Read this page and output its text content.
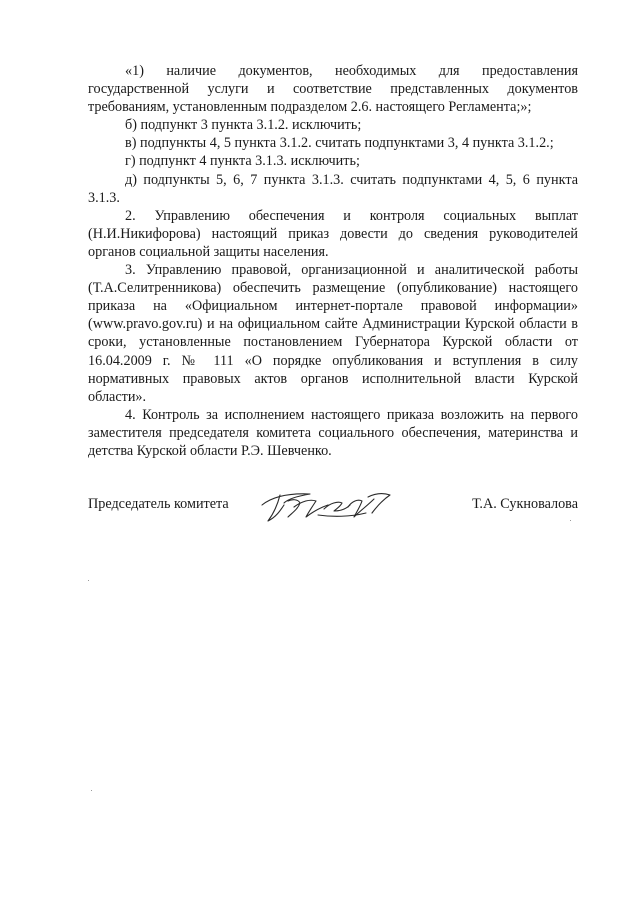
«1) наличие документов, необходимых для предоставления государственной услуги и соответствие представленных документов требованиям, установленным подразделом 2.6. настоящего Регламента;»;

б) подпункт 3 пункта 3.1.2. исключить;

в) подпункты 4, 5 пункта 3.1.2. считать подпунктами 3, 4 пункта 3.1.2.;

г) подпункт 4 пункта 3.1.3. исключить;

д) подпункты 5, 6, 7 пункта 3.1.3. считать подпунктами 4, 5, 6 пункта 3.1.3.

2. Управлению обеспечения и контроля социальных выплат (Н.И.Никифорова) настоящий приказ довести до сведения руководителей органов социальной защиты населения.

3. Управлению правовой, организационной и аналитической работы (Т.А.Селитренникова) обеспечить размещение (опубликование) настоящего приказа на «Официальном интернет-портале правовой информации» (www.pravo.gov.ru) и на официальном сайте Администрации Курской области в сроки, установленные постановлением Губернатора Курской области от 16.04.2009 г. № 111 «О порядке опубликования и вступления в силу нормативных правовых актов органов исполнительной власти Курской области».

4. Контроль за исполнением настоящего приказа возложить на первого заместителя председателя комитета социального обеспечения, материнства и детства Курской области Р.Э. Шевченко.

Председатель комитета	Т.А. Сукновалова
